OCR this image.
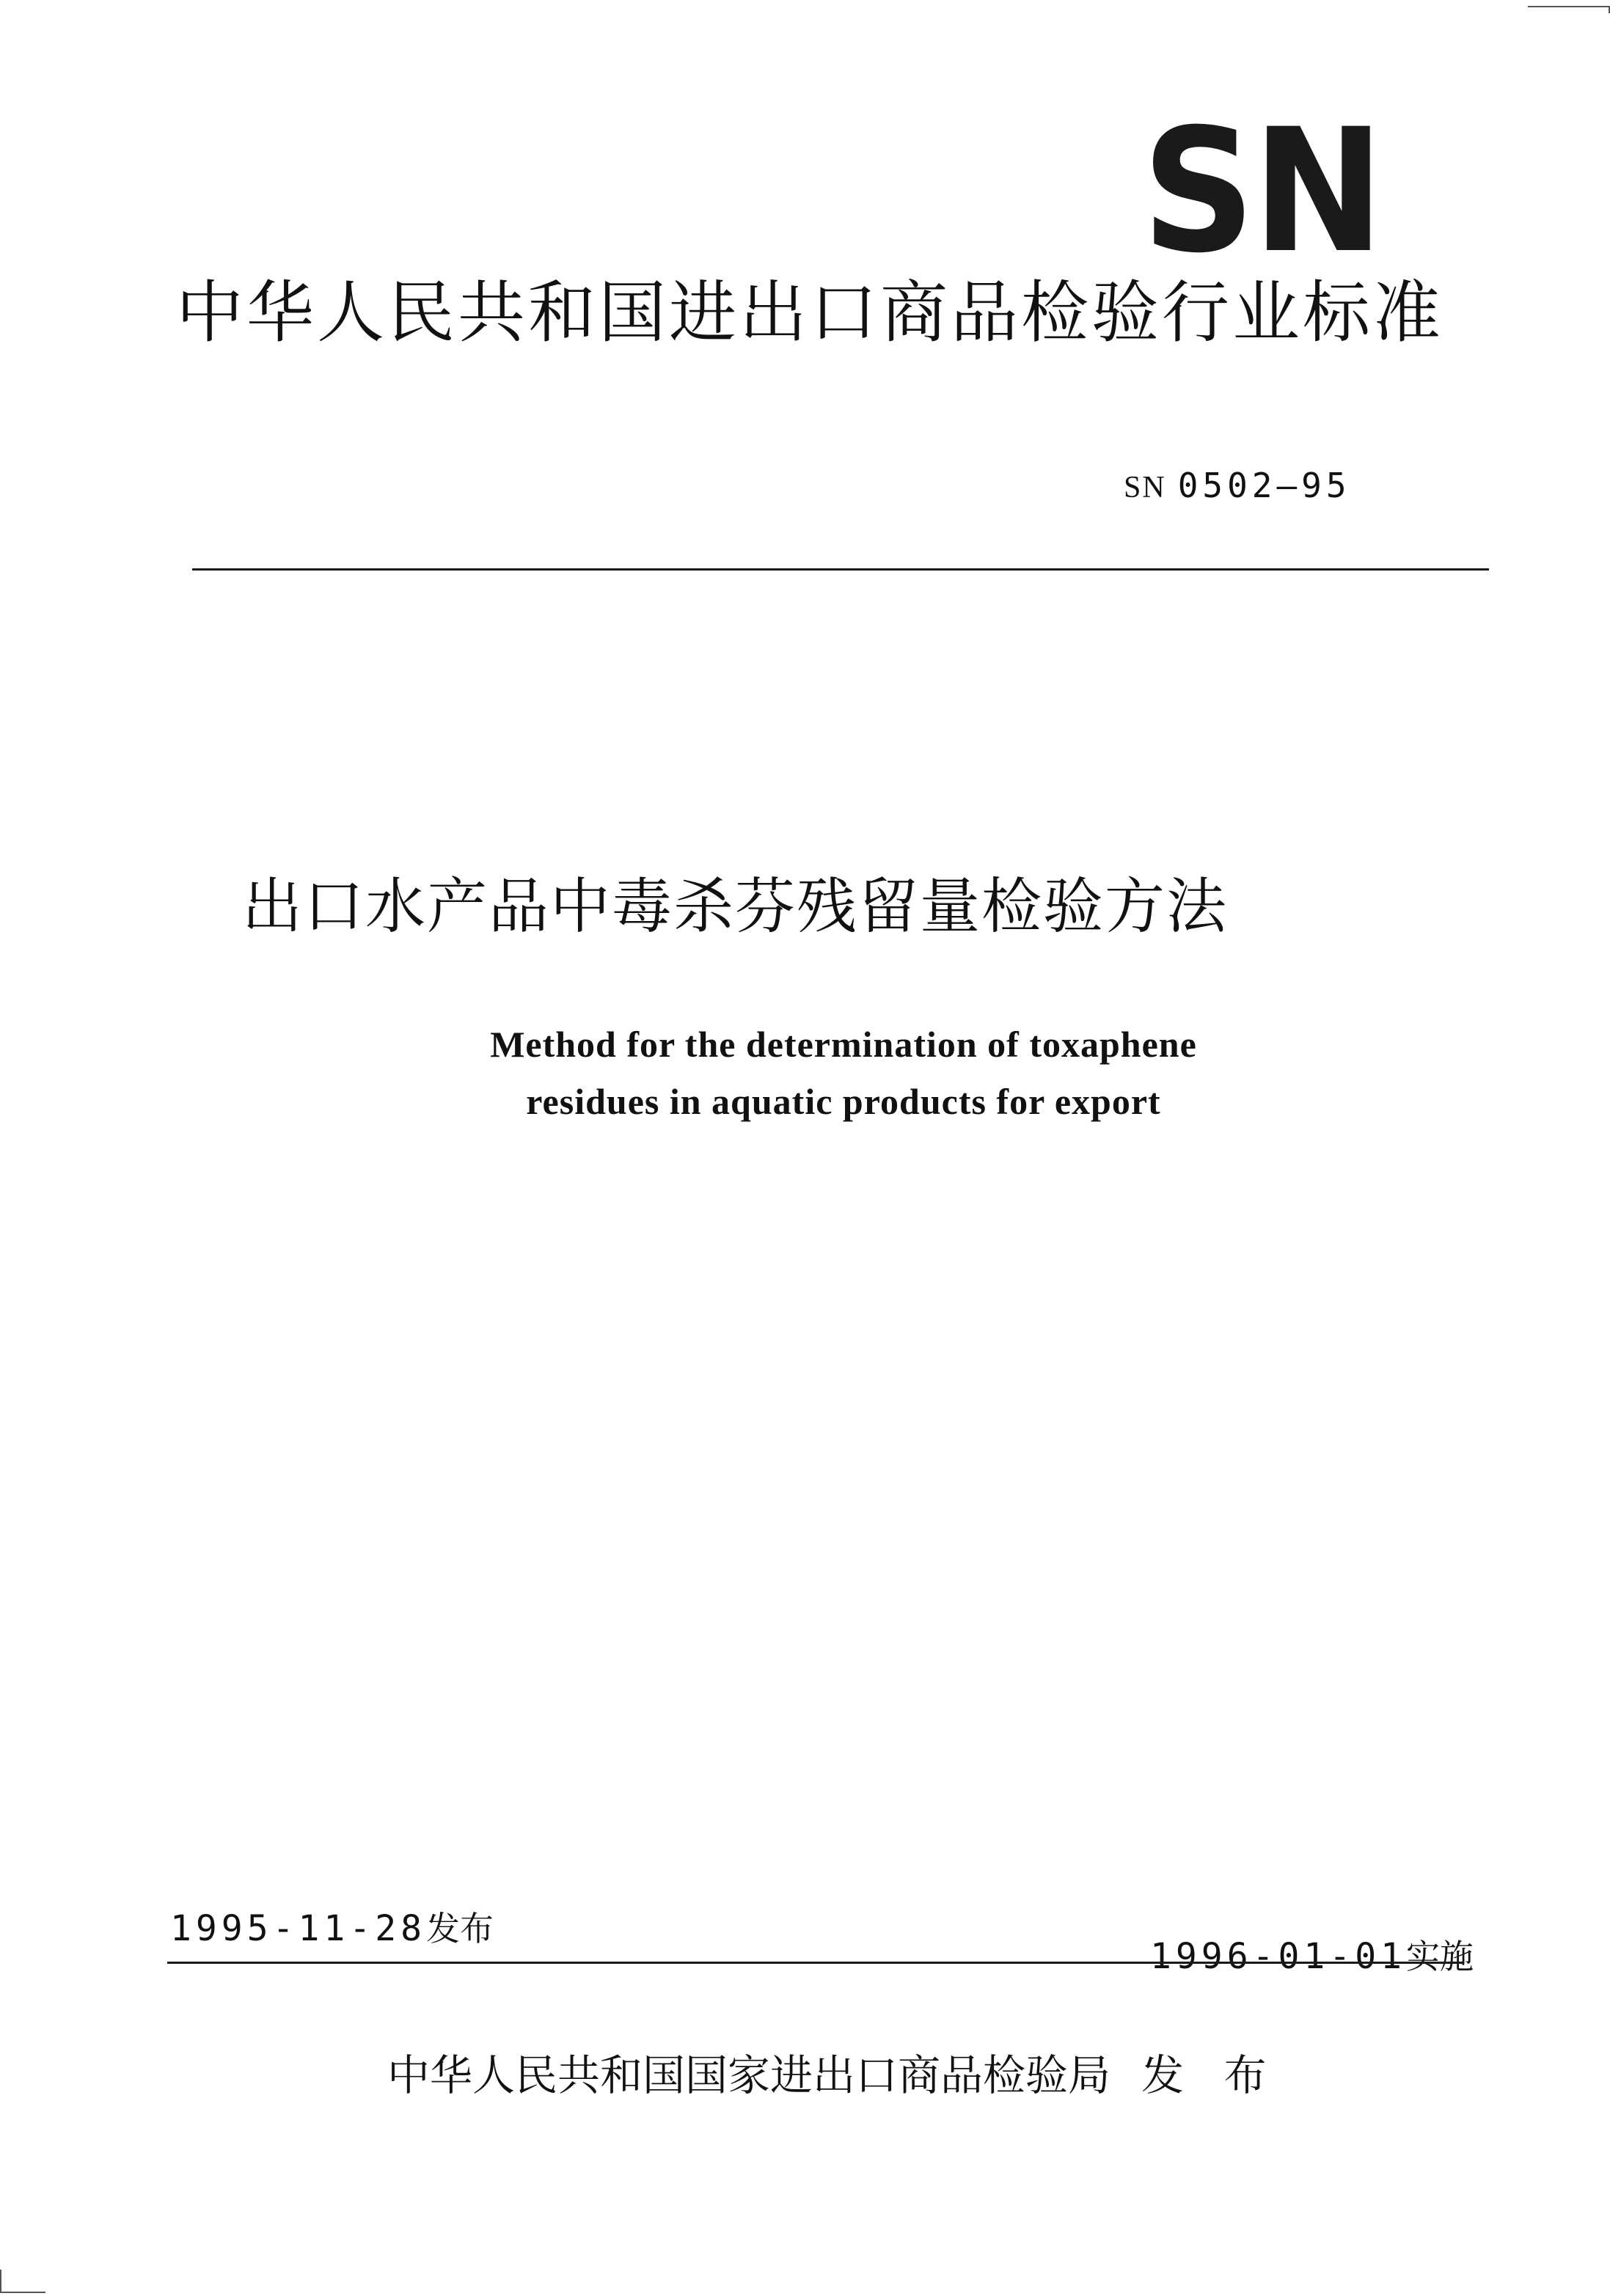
SN
中华人民共和国进出口商品检验行业标准
SN 0502—95
出口水产品中毒杀芬残留量检验方法
Method for the determination of toxaphene
residues in aquatic products for export
1995-11-28发布
1996-01-01实施
中华人民共和国国家进出口商品检验局 发 布
